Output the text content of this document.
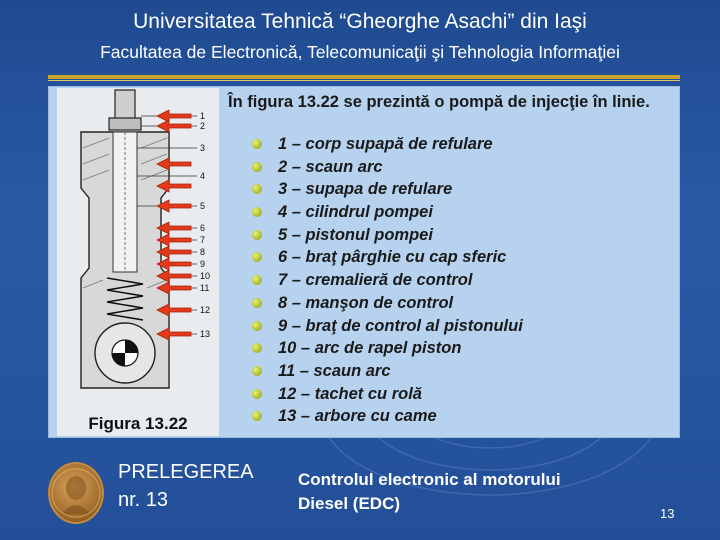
Universitatea Tehnică “Gheorghe Asachi” din Iaşi
Facultatea de Electronică, Telecomunicaţii şi Tehnologia Informaţiei
1
2
3
4
5
6
7
8
9
10
11
12
13
Figura 13.22
În figura 13.22 se prezintă o pompă de injecţie în linie.
1 – corp supapă de refulare
2 – scaun arc
3 – supapa de refulare
4 – cilindrul pompei
5 – pistonul pompei
6 – braţ pârghie cu cap sferic
7 – cremalieră de control
8 – manşon de control
9 – braţ de control al pistonului
10 – arc de rapel piston
11 – scaun arc
12 – tachet cu rolă
13 – arbore cu came
PRELEGEREA
nr. 13
Controlul electronic al motorului
Diesel (EDC)
13
